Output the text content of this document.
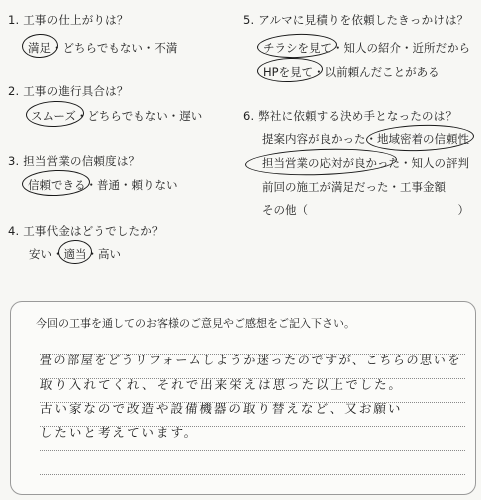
1. 工事の仕上がりは？
満足・どちらでもない・不満
2. 工事の進行具合は？
スムーズ・どちらでもない・遅い
3. 担当営業の信頼度は？
信頼できる・普通・頼りない
4. 工事代金はどうでしたか？
安い・適当・高い
5. アルマに見積りを依頼したきっかけは？
チラシを見て・知人の紹介・近所だから
HPを見て・以前頼んだことがある
6. 弊社に依頼する決め手となったのは？
提案内容が良かった・地域密着の信頼性
担当営業の応対が良かった・知人の評判
前回の施工が満足だった・工事金額
その他（　　　　　　　　　　　　　）
今回の工事を通してのお客様のご意見やご感想をご記入下さい。
畳の部屋をどうリフォームしようか迷ったのですが、こちらの思いを
取り入れてくれ、それで出来栄えは思った以上でした。
古い家なので改造や設備機器の取り替えなど、又お願い
したいと考えています。
